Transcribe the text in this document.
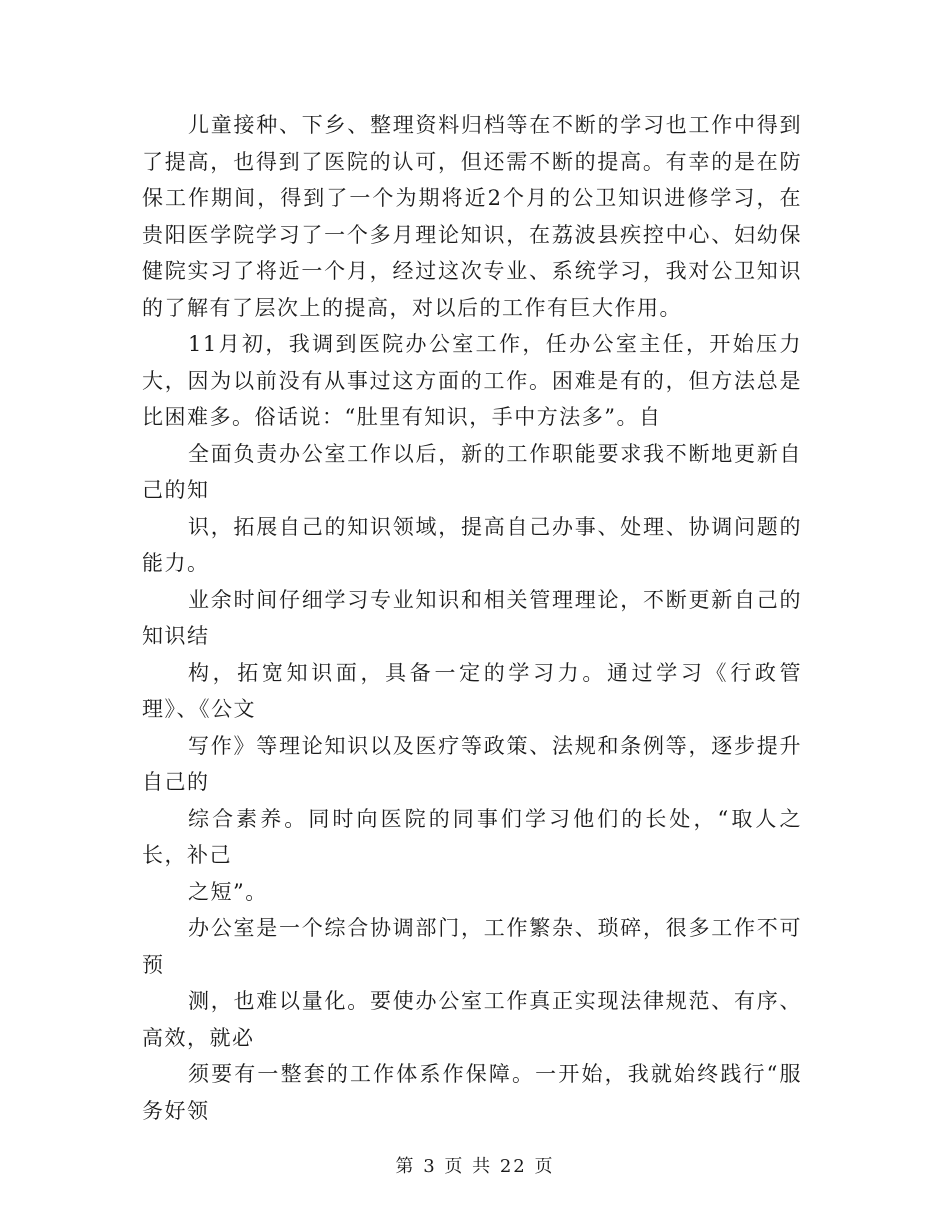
儿童接种、下乡、整理资料归档等在不断的学习也工作中得到了提高，也得到了医院的认可，但还需不断的提高。有幸的是在防保工作期间，得到了一个为期将近2个月的公卫知识进修学习，在贵阳医学院学习了一个多月理论知识，在荔波县疾控中心、妇幼保健院实习了将近一个月，经过这次专业、系统学习，我对公卫知识的了解有了层次上的提高，对以后的工作有巨大作用。

11月初，我调到医院办公室工作，任办公室主任，开始压力大，因为以前没有从事过这方面的工作。困难是有的，但方法总是比困难多。俗话说：“肚里有知识，手中方法多”。自

全面负责办公室工作以后，新的工作职能要求我不断地更新自己的知

识，拓展自己的知识领域，提高自己办事、处理、协调问题的能力。

业余时间仔细学习专业知识和相关管理理论，不断更新自己的知识结

构，拓宽知识面，具备一定的学习力。通过学习《行政管理》、《公文

写作》等理论知识以及医疗等政策、法规和条例等，逐步提升自己的

综合素养。同时向医院的同事们学习他们的长处，“取人之长，补己

之短”。

办公室是一个综合协调部门，工作繁杂、琐碎，很多工作不可预

测，也难以量化。要使办公室工作真正实现法律规范、有序、高效，就必

须要有一整套的工作体系作保障。一开始，我就始终践行“服务好领

第 3 页 共 22 页
